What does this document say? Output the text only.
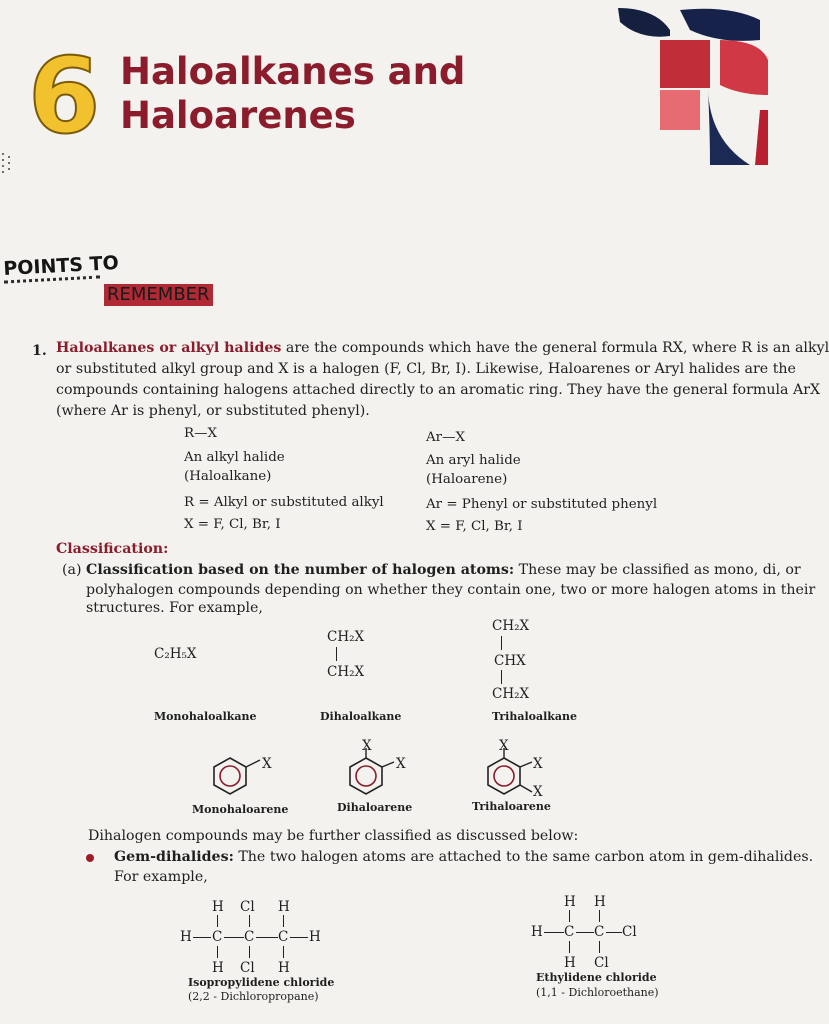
6 Haloalkanes and
Haloarenes
POINTS TO
REMEMBER
1. Haloalkanes or alkyl halides are the compounds which have the general formula RX, where R is an alkyl
or substituted alkyl group and X is a halogen (F, Cl, Br, I). Likewise, Haloarenes or Aryl halides are the
compounds containing halogens attached directly to an aromatic ring. They have the general formula ArX
(where Ar is phenyl, or substituted phenyl).
R—X
An alkyl halide
(Haloalkane)
R = Alkyl or substituted alkyl
X = F, Cl, Br, I
Ar—X
An aryl halide
(Haloarene)
Ar = Phenyl or substituted phenyl
X = F, Cl, Br, I
Classification:
(a) Classification based on the number of halogen atoms: These may be classified as mono, di, or
polyhalogen compounds depending on whether they contain one, two or more halogen atoms in their
structures. For example,
C₂H₅X
CH₂X
CH₂X
CH₂X
CHX
CH₂X
Monohaloalkane	Dihaloalkane	Trihaloalkane
X
X
X
X
X
X
Monohaloarene	Dihaloarene	Trihaloarene
Dihalogen compounds may be further classified as discussed below:
Gem-dihalides: The two halogen atoms are attached to the same carbon atom in gem-dihalides.
For example,
H Cl H
H C C C H
H Cl H
Isopropylidene chloride
(2,2 - Dichloropropane)
H H
H C C Cl
H Cl
Ethylidene chloride
(1,1 - Dichloroethane)
